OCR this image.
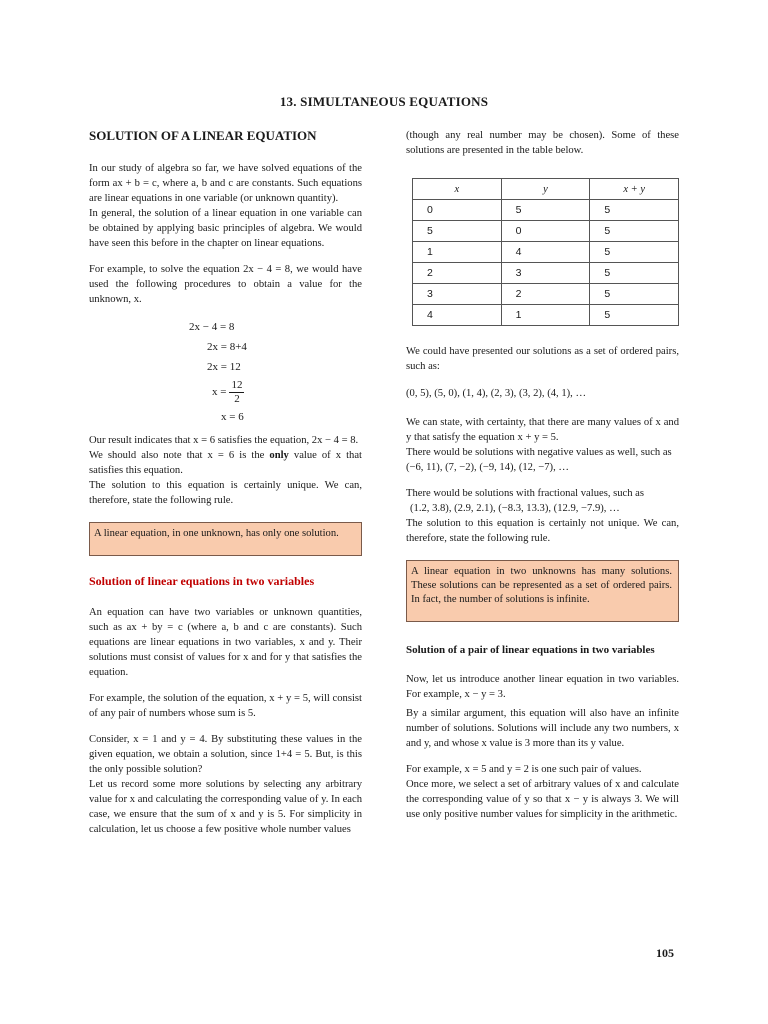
13. SIMULTANEOUS EQUATIONS
SOLUTION OF A LINEAR EQUATION

In our study of algebra so far, we have solved equations of the form ax + b = c, where a, b and c are constants. Such equations are linear equations in one variable (or unknown quantity).

In general, the solution of a linear equation in one variable can be obtained by applying basic principles of algebra. We would have seen this before in the chapter on linear equations.

For example, to solve the equation 2x − 4 = 8, we would have used the following procedures to obtain a value for the unknown, x.

2x − 4 = 8
2x = 8+4
2x = 12
$x = \frac{12}{2}$
x = 6

Our result indicates that x = 6 satisfies the equation, 2x − 4 = 8.

We should also note that x = 6 is the only value of x that satisfies this equation.

The solution to this equation is certainly unique. We can, therefore, state the following rule.

A linear equation, in one unknown, has only one solution.
Solution of linear equations in two variables

An equation can have two variables or unknown quantities, such as ax + by = c (where a, b and c are constants). Such equations are linear equations in two variables, x and y. Their solutions must consist of values for x and for y that satisfies the equation.

For example, the solution of the equation, x + y = 5, will consist of any pair of numbers whose sum is 5.

Consider, x = 1 and y = 4. By substituting these values in the given equation, we obtain a solution, since 1+4 = 5. But, is this the only possible solution?

Let us record some more solutions by selecting any arbitrary value for x and calculating the corresponding value of y. In each case, we ensure that the sum of x and y is 5. For simplicity in calculation, let us choose a few positive whole number values

(though any real number may be chosen). Some of these solutions are presented in the table below.

x	y	x + y
0	5	5
5	0	5
1	4	5
2	3	5
3	2	5
4	1	5

We could have presented our solutions as a set of ordered pairs, such as:

(0, 5), (5, 0), (1, 4), (2, 3), (3, 2), (4, 1), …

We can state, with certainty, that there are many values of x and y that satisfy the equation x + y = 5.

There would be solutions with negative values as well, such as

(−6, 11), (7, −2), (−9, 14), (12, −7), …

There would be solutions with fractional values, such as

(1.2, 3.8), (2.9, 2.1), (−8.3, 13.3), (12.9, −7.9), …

The solution to this equation is certainly not unique. We can, therefore, state the following rule.

A linear equation in two unknowns has many solutions. These solutions can be represented as a set of ordered pairs. In fact, the number of solutions is infinite.
Solution of a pair of linear equations in two variables

Now, let us introduce another linear equation in two variables. For example, x − y = 3.

By a similar argument, this equation will also have an infinite number of solutions. Solutions will include any two numbers, x and y, and whose x value is 3 more than its y value.

For example, x = 5 and y = 2 is one such pair of values.

Once more, we select a set of arbitrary values of x and calculate the corresponding value of y so that x − y is always 3. We will use only positive number values for simplicity in the arithmetic.

105
